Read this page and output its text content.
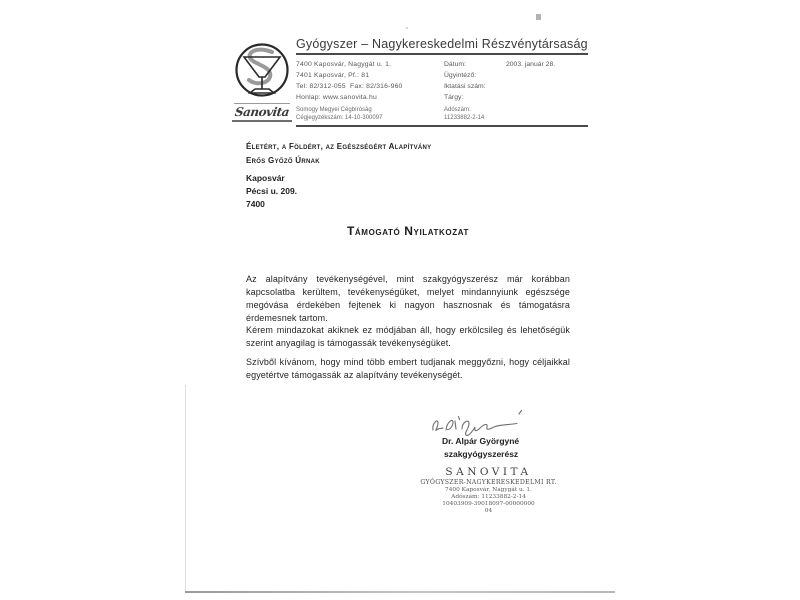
Sanovita
Gyógyszer – Nagykereskedelmi Részvénytársaság
7400 Kaposvár, Nagygát u. 1.
7401 Kaposvár, Pf.: 81
Tel: 82/312-055  Fax: 82/316-960
Honlap: www.sanovita.hu
Somogy Megyei Cégbíróság
Cégjegyzékszám: 14-10-300097
Dátum:	2003. január 28.
Ügyintéző:
Iktatási szám:
Tárgy:
Adószám:
11233882-2-14
Életért, a Földért, az Egészségért Alapítvány
Erős Győző Úrnak
Kaposvár
Pécsi u. 209.
7400
Támogató Nyilatkozat
Az alapítvány tevékenységével, mint szakgyógyszerész már korábban kapcsolatba kerültem, tevékenységüket, melyet mindannyiunk egészsége megóvása érdekében fejtenek ki nagyon hasznosnak és támogatásra érdemesnek tartom.
Kérem mindazokat akiknek ez módjában áll, hogy erkölcsileg és lehetőségük szerint anyagilag is támogassák tevékenységüket.
Szívből kívánom, hogy mind több embert tudjanak meggyőzni, hogy céljaikkal egyetértve támogassák az alapítvány tevékenységét.
Dr. Alpár Györgyné
szakgyógyszerész
SANOVITA
GYÓGYSZER-NAGYKERESKEDELMI RT.
7400 Kaposvár, Nagygát u. 1.
Adószám: 11233882-2-14
10403909-39018097-00000000
04
